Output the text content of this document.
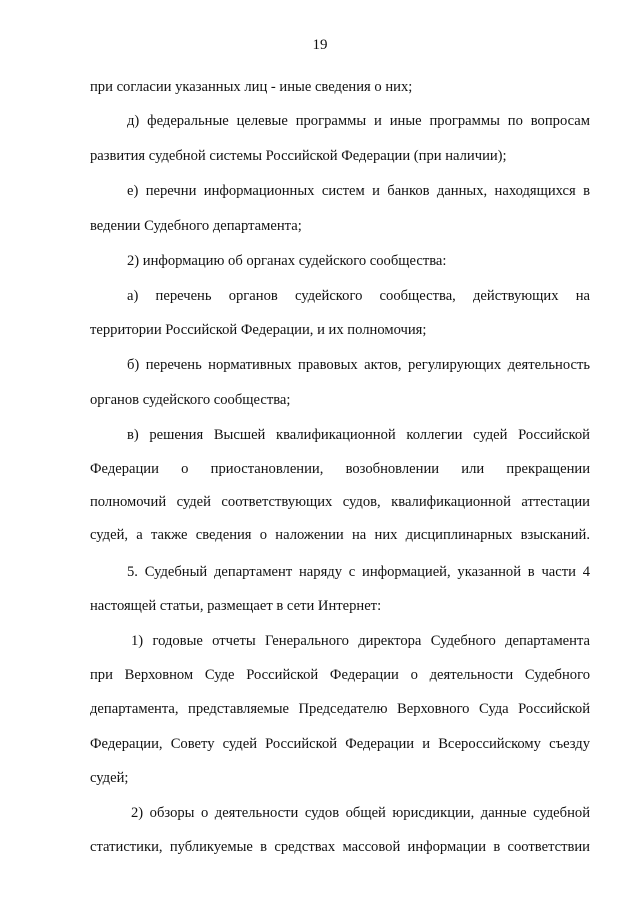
19
при согласии указанных лиц - иные сведения о них;
д) федеральные целевые программы и иные программы по вопросам
развития судебной системы Российской Федерации (при наличии);
е) перечни информационных систем и банков данных, находящихся в
ведении Судебного департамента;
2) информацию об органах судейского сообщества:
а) перечень органов судейского сообщества, действующих на
территории Российской Федерации, и их полномочия;
б) перечень нормативных правовых актов, регулирующих деятельность
органов судейского сообщества;
в) решения Высшей квалификационной коллегии судей Российской
Федерации о приостановлении, возобновлении или прекращении
полномочий судей соответствующих судов, квалификационной аттестации
судей, а также сведения о наложении на них дисциплинарных взысканий.
5. Судебный департамент наряду с информацией, указанной в части 4
настоящей статьи, размещает в сети Интернет:
1) годовые отчеты Генерального директора Судебного департамента
при Верховном Суде Российской Федерации о деятельности Судебного
департамента, представляемые Председателю Верховного Суда Российской
Федерации, Совету судей Российской Федерации и Всероссийскому съезду
судей;
2) обзоры о деятельности судов общей юрисдикции, данные судебной
статистики, публикуемые в средствах массовой информации в соответствии
